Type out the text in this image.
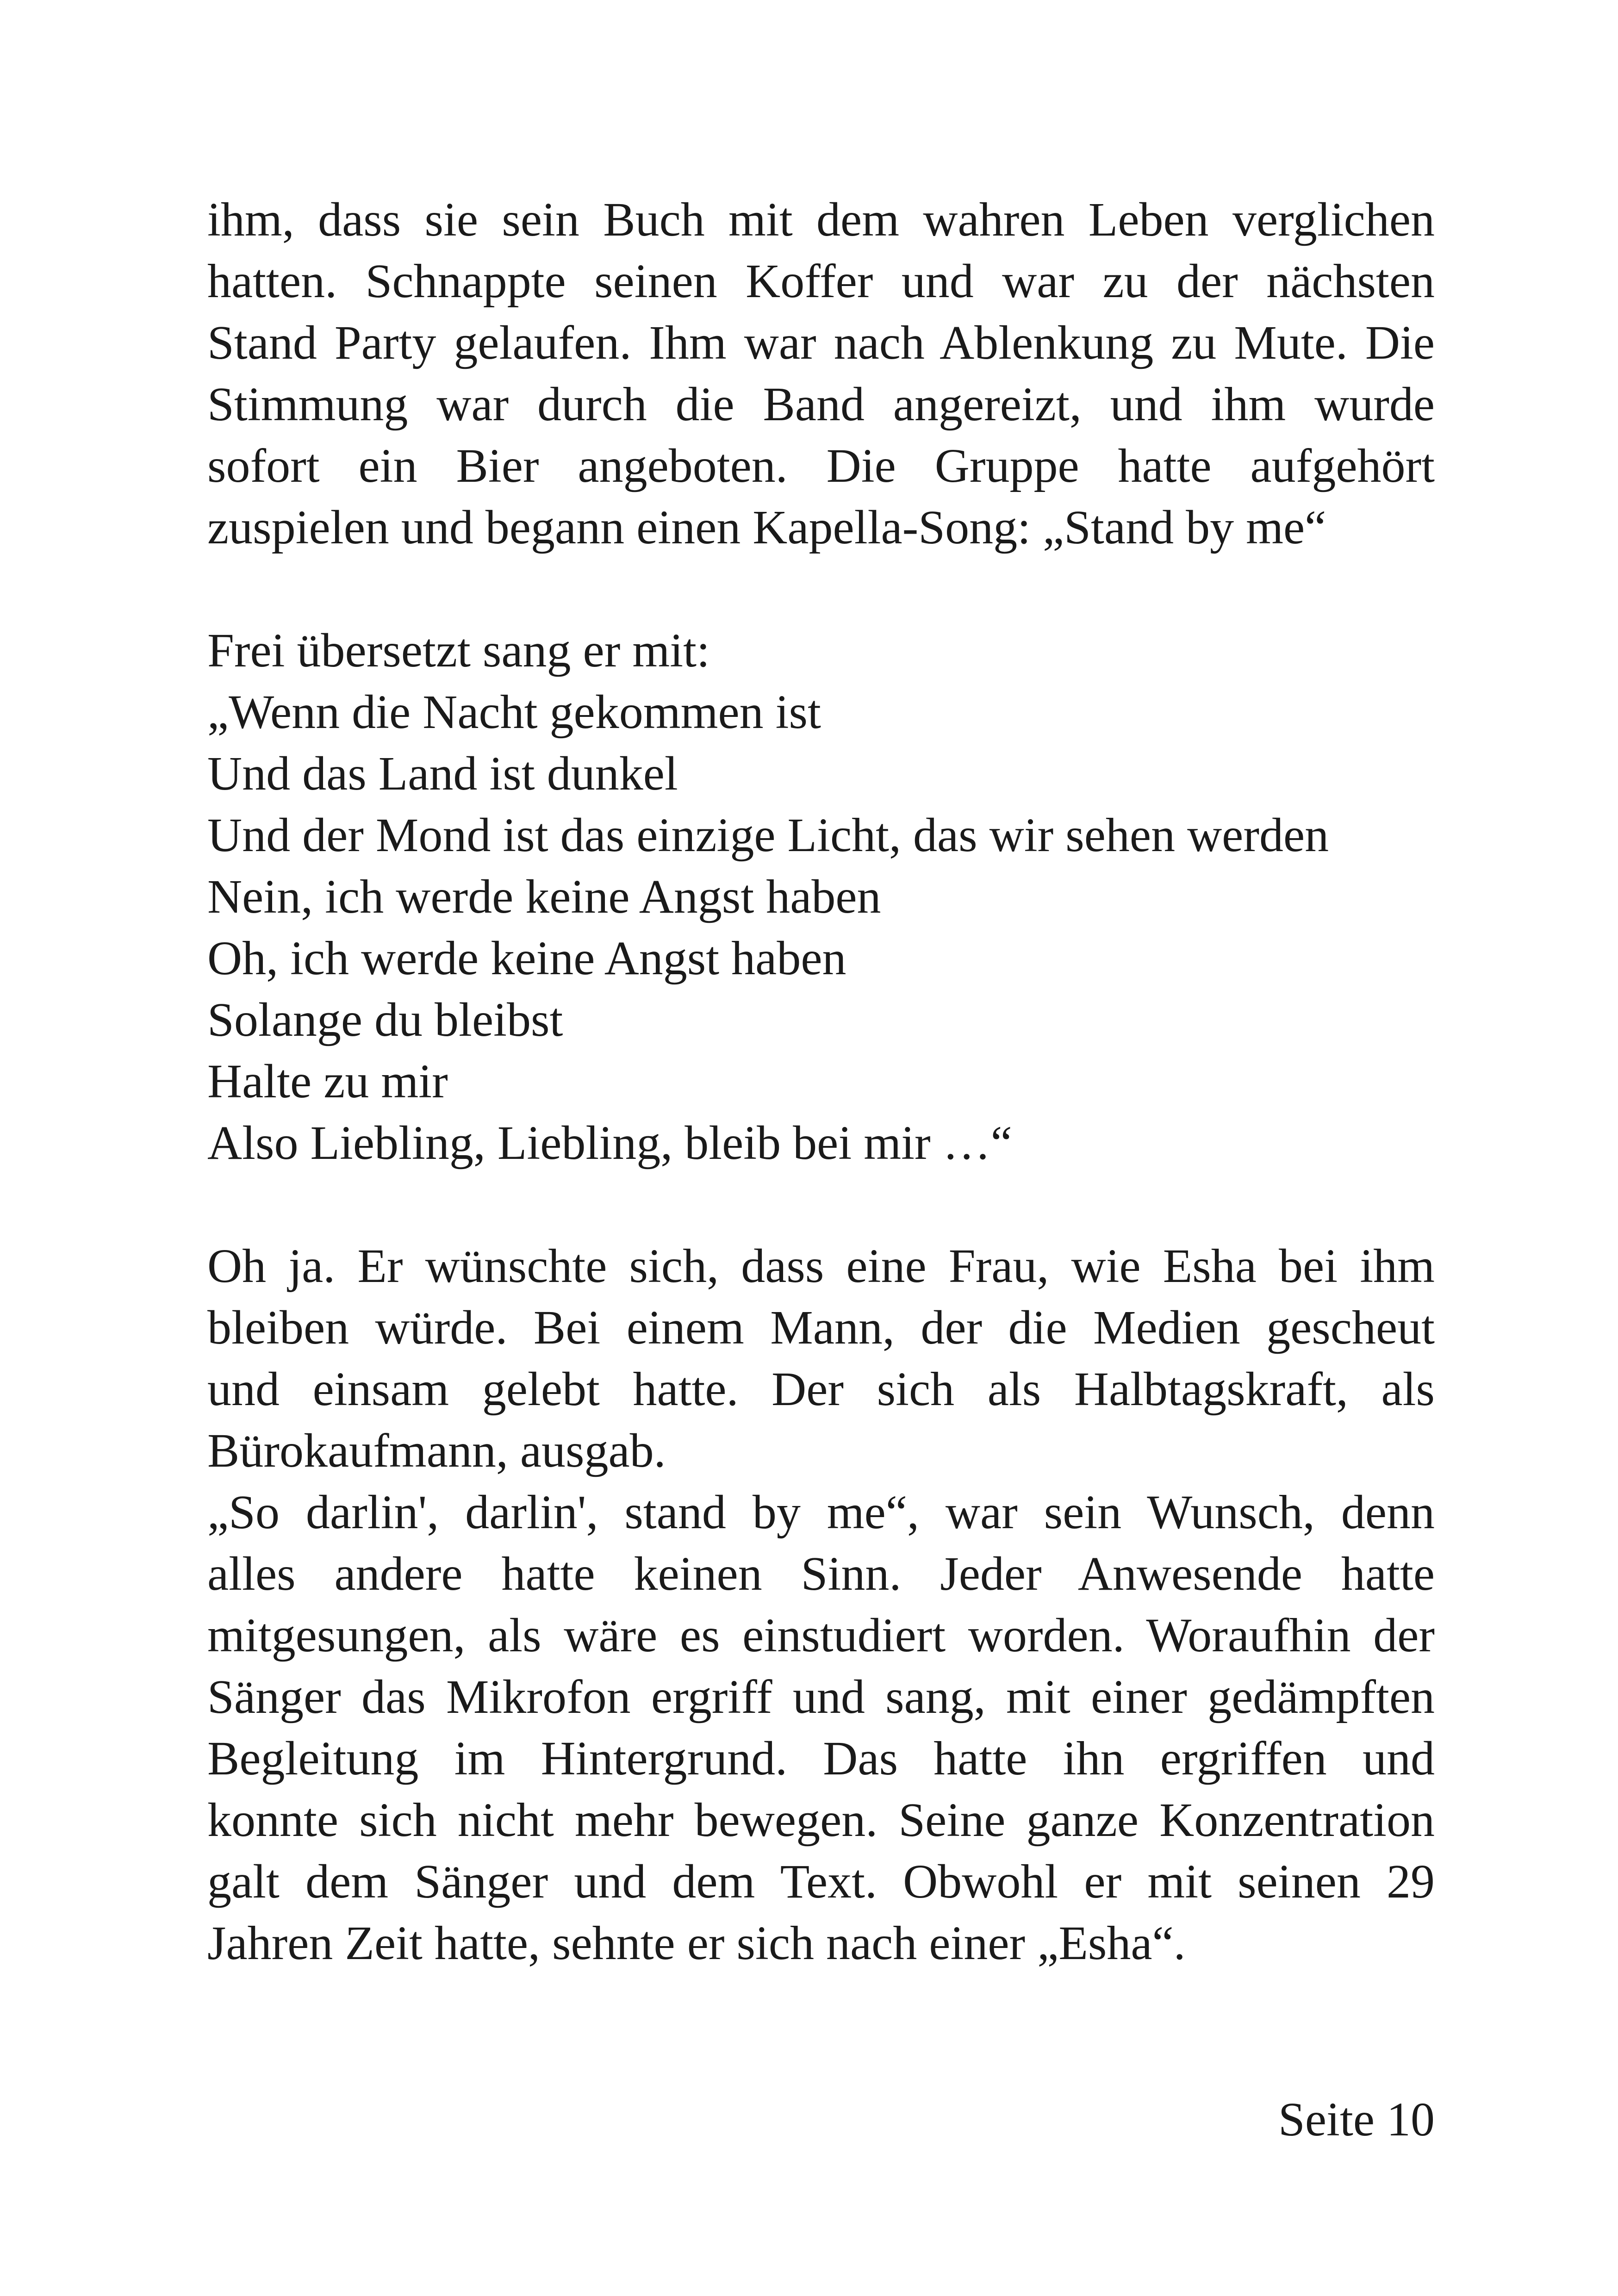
ihm, dass sie sein Buch mit dem wahren Leben verglichen
hatten. Schnappte seinen Koffer und war zu der nächsten
Stand Party gelaufen. Ihm war nach Ablenkung zu Mute. Die
Stimmung war durch die Band angereizt, und ihm wurde
sofort ein Bier angeboten. Die Gruppe hatte aufgehört
zuspielen und begann einen Kapella-Song: „Stand by me“
Frei übersetzt sang er mit:
„Wenn die Nacht gekommen ist
Und das Land ist dunkel
Und der Mond ist das einzige Licht, das wir sehen werden
Nein, ich werde keine Angst haben
Oh, ich werde keine Angst haben
Solange du bleibst
Halte zu mir
Also Liebling, Liebling, bleib bei mir …“
Oh ja. Er wünschte sich, dass eine Frau, wie Esha bei ihm
bleiben würde. Bei einem Mann, der die Medien gescheut
und einsam gelebt hatte. Der sich als Halbtagskraft, als
Bürokaufmann, ausgab.
„So darlin', darlin', stand by me“, war sein Wunsch, denn
alles andere hatte keinen Sinn. Jeder Anwesende hatte
mitgesungen, als wäre es einstudiert worden. Woraufhin der
Sänger das Mikrofon ergriff und sang, mit einer gedämpften
Begleitung im Hintergrund. Das hatte ihn ergriffen und
konnte sich nicht mehr bewegen. Seine ganze Konzentration
galt dem Sänger und dem Text. Obwohl er mit seinen 29
Jahren Zeit hatte, sehnte er sich nach einer „Esha“.
Seite 10
